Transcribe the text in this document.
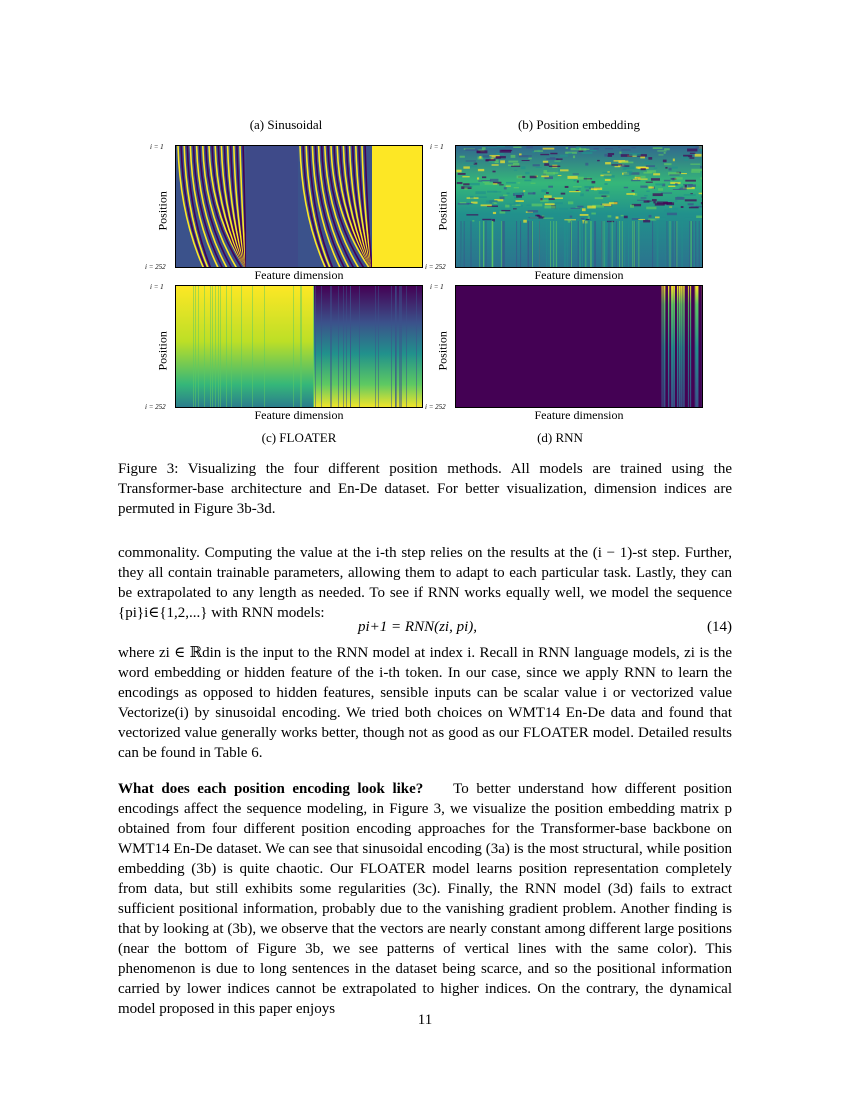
(a) Sinusoidal	(b) Position embedding
i = 1
i = 252
Position
Feature dimension
i = 1
i = 252
Position
Feature dimension
i = 1
i = 252
Position
Feature dimension
i = 1
i = 252
Position
Feature dimension
(c) FLOATER	(d) RNN
Figure 3: Visualizing the four different position methods. All models are trained using the Transformer-base architecture and En-De dataset. For better visualization, dimension indices are permuted in Figure 3b-3d.
commonality. Computing the value at the i-th step relies on the results at the (i − 1)-st step. Further, they all contain trainable parameters, allowing them to adapt to each particular task. Lastly, they can be extrapolated to any length as needed. To see if RNN works equally well, we model the sequence {pi}i∈{1,2,...} with RNN models:
pi+1 = RNN(zi, pi),	(14)
where zi ∈ ℝdin is the input to the RNN model at index i. Recall in RNN language models, zi is the word embedding or hidden feature of the i-th token. In our case, since we apply RNN to learn the encodings as opposed to hidden features, sensible inputs can be scalar value i or vectorized value Vectorize(i) by sinusoidal encoding. We tried both choices on WMT14 En-De data and found that vectorized value generally works better, though not as good as our FLOATER model. Detailed results can be found in Table 6.
What does each position encoding look like? To better understand how different position encodings affect the sequence modeling, in Figure 3, we visualize the position embedding matrix p obtained from four different position encoding approaches for the Transformer-base backbone on WMT14 En-De dataset. We can see that sinusoidal encoding (3a) is the most structural, while position embedding (3b) is quite chaotic. Our FLOATER model learns position representation completely from data, but still exhibits some regularities (3c). Finally, the RNN model (3d) fails to extract sufficient positional information, probably due to the vanishing gradient problem. Another finding is that by looking at (3b), we observe that the vectors are nearly constant among different large positions (near the bottom of Figure 3b, we see patterns of vertical lines with the same color). This phenomenon is due to long sentences in the dataset being scarce, and so the positional information carried by lower indices cannot be extrapolated to higher indices. On the contrary, the dynamical model proposed in this paper enjoys
11
